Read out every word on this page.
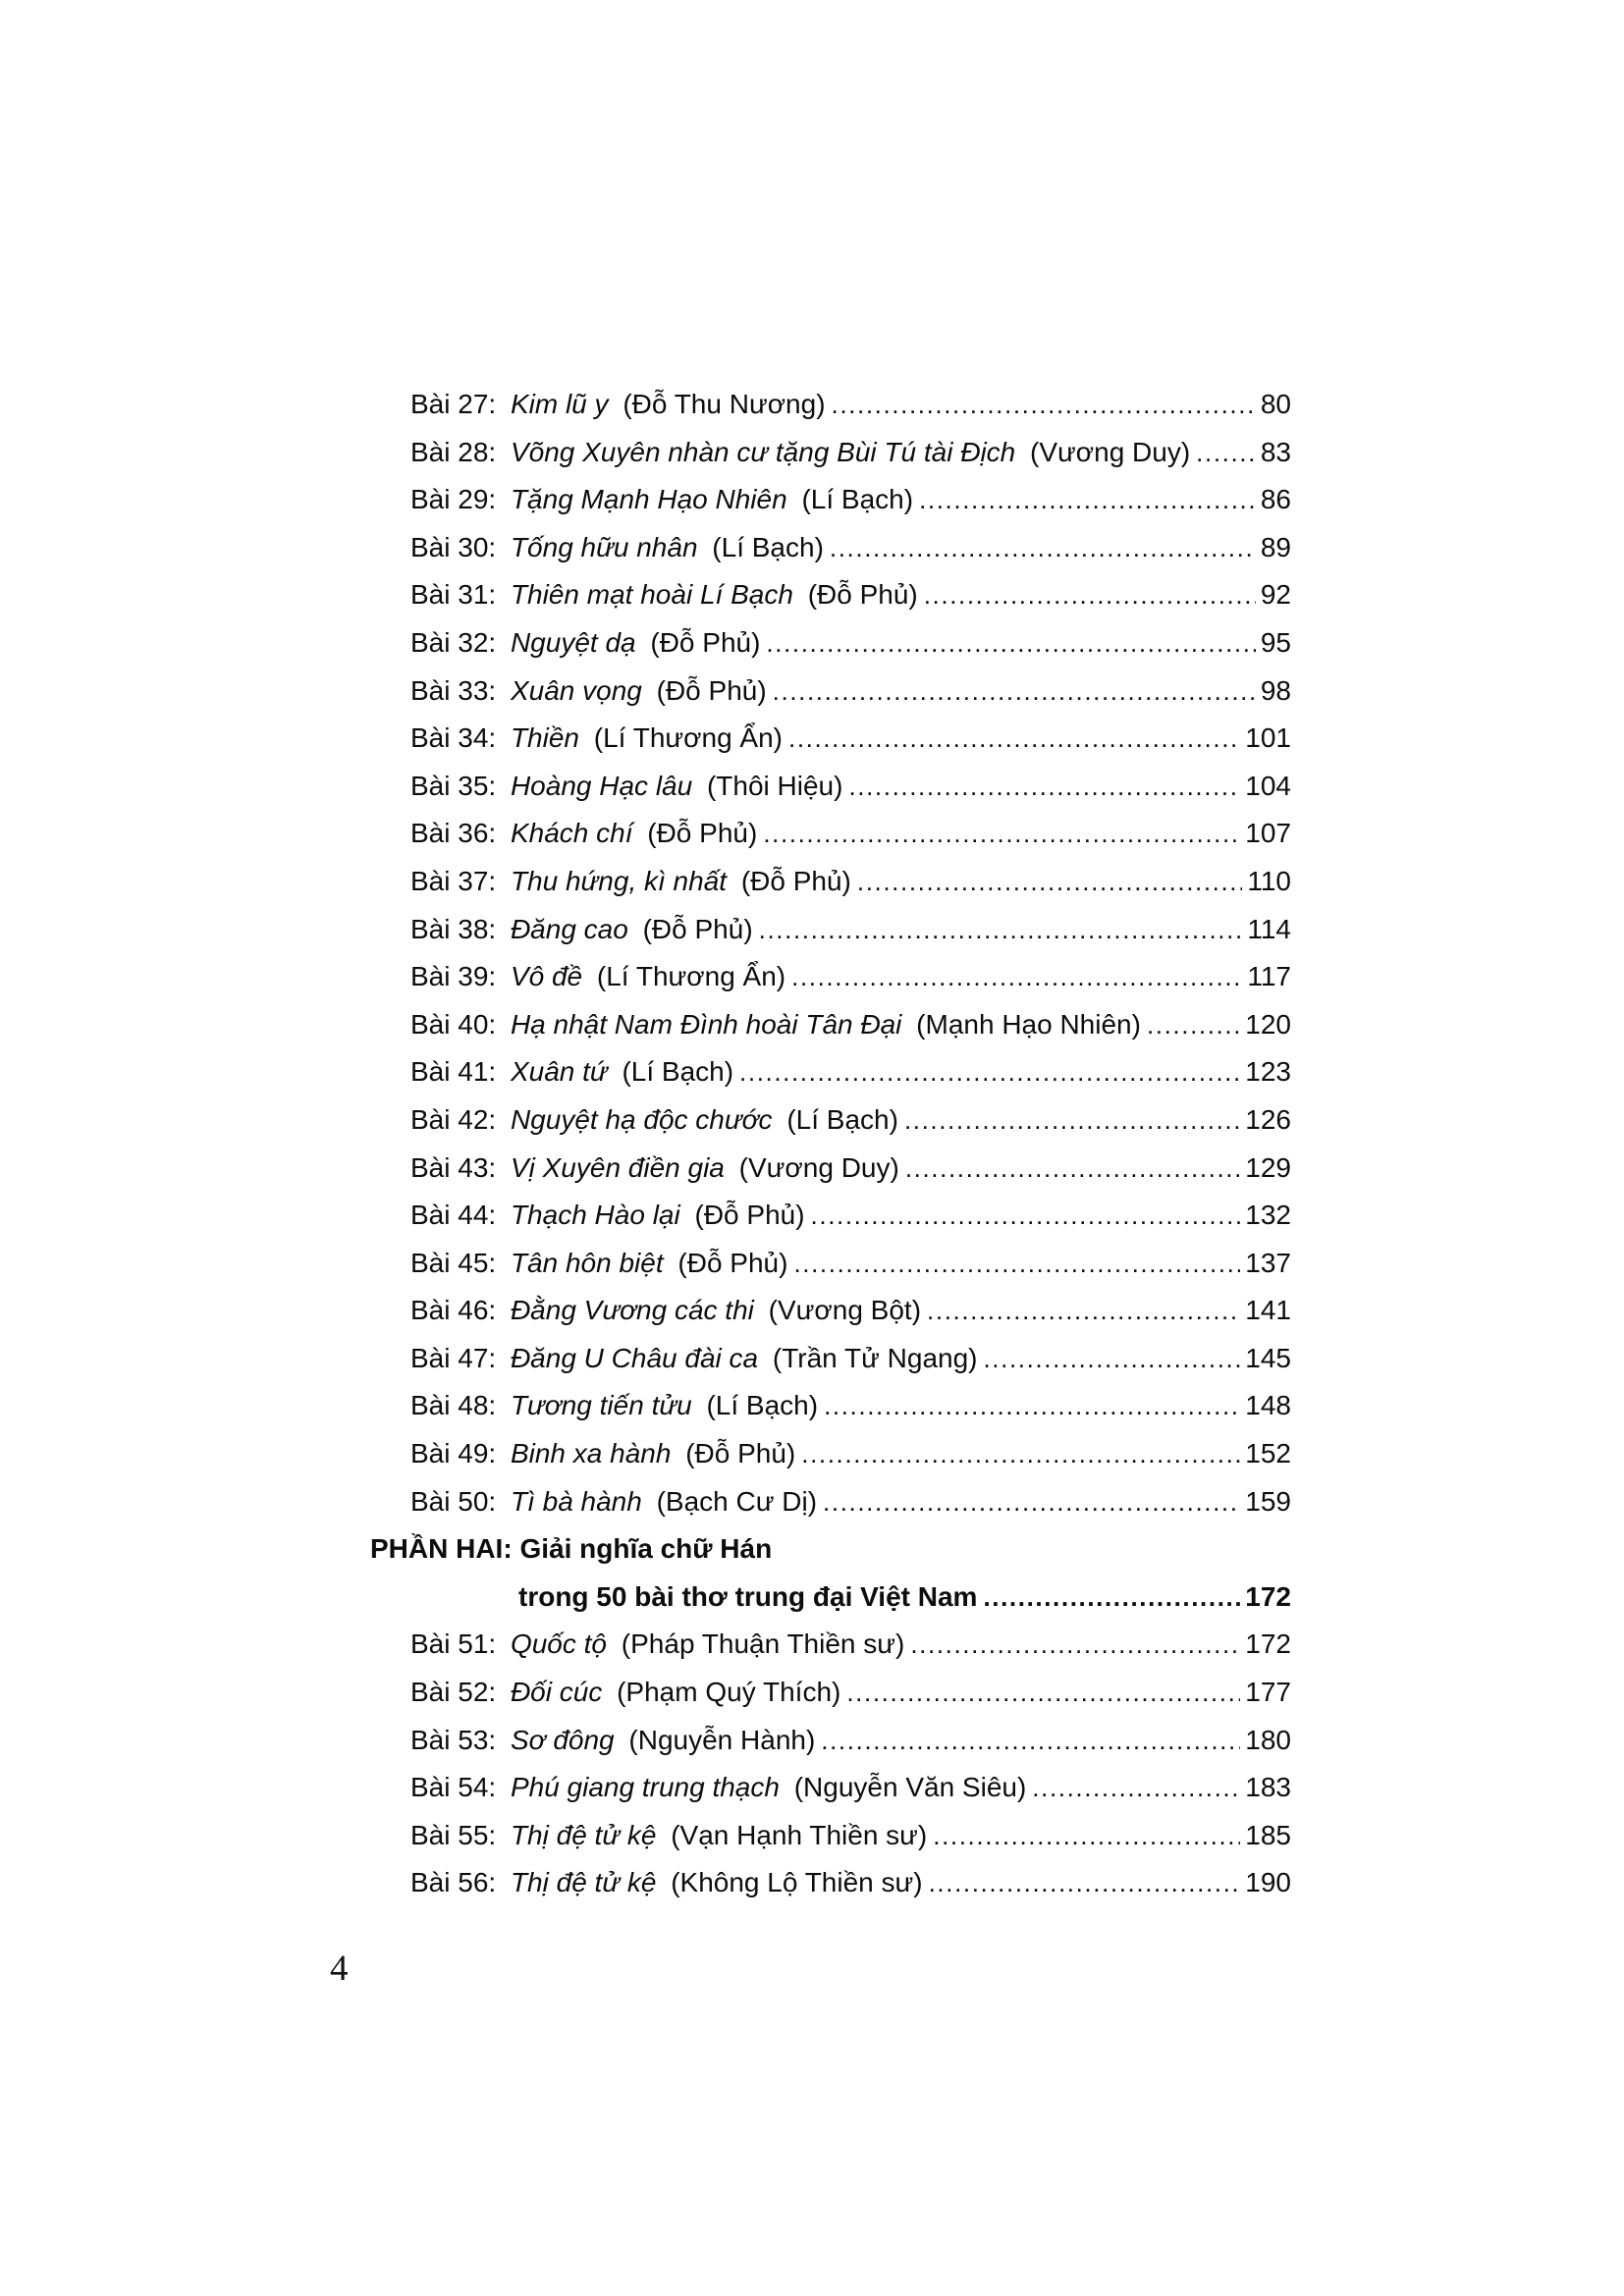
Bài 27: Kim lũ y (Đỗ Thu Nương) .....	80
Bài 28: Võng Xuyên nhàn cư tặng Bùi Tú tài Địch (Vương Duy) .....	83
Bài 29: Tặng Mạnh Hạo Nhiên (Lí Bạch) .....	86
Bài 30: Tống hữu nhân (Lí Bạch) .....	89
Bài 31: Thiên mạt hoài Lí Bạch (Đỗ Phủ) .....	92
Bài 32: Nguyệt dạ (Đỗ Phủ) .....	95
Bài 33: Xuân vọng (Đỗ Phủ) .....	98
Bài 34: Thiền (Lí Thương Ẩn) .....	101
Bài 35: Hoàng Hạc lâu (Thôi Hiệu) .....	104
Bài 36: Khách chí (Đỗ Phủ) .....	107
Bài 37: Thu hứng, kì nhất (Đỗ Phủ) .....	110
Bài 38: Đăng cao (Đỗ Phủ) .....	114
Bài 39: Vô đề (Lí Thương Ẩn) .....	117
Bài 40: Hạ nhật Nam Đình hoài Tân Đại (Mạnh Hạo Nhiên) .....	120
Bài 41: Xuân tứ (Lí Bạch) .....	123
Bài 42: Nguyệt hạ độc chước (Lí Bạch) .....	126
Bài 43: Vị Xuyên điền gia (Vương Duy) .....	129
Bài 44: Thạch Hào lại (Đỗ Phủ) .....	132
Bài 45: Tân hôn biệt (Đỗ Phủ) .....	137
Bài 46: Đằng Vương các thi (Vương Bột) .....	141
Bài 47: Đăng U Châu đài ca (Trần Tử Ngang) .....	145
Bài 48: Tương tiến tửu (Lí Bạch) .....	148
Bài 49: Binh xa hành (Đỗ Phủ) .....	152
Bài 50: Tì bà hành (Bạch Cư Dị) .....	159
PHẦN HAI: Giải nghĩa chữ Hán
trong 50 bài thơ trung đại Việt Nam .....	172
Bài 51: Quốc tộ (Pháp Thuận Thiền sư) .....	172
Bài 52: Đối cúc (Phạm Quý Thích) .....	177
Bài 53: Sơ đông (Nguyễn Hành) .....	180
Bài 54: Phú giang trung thạch (Nguyễn Văn Siêu) .....	183
Bài 55: Thị đệ tử kệ (Vạn Hạnh Thiền sư) .....	185
Bài 56: Thị đệ tử kệ (Không Lộ Thiền sư) .....	190
4
